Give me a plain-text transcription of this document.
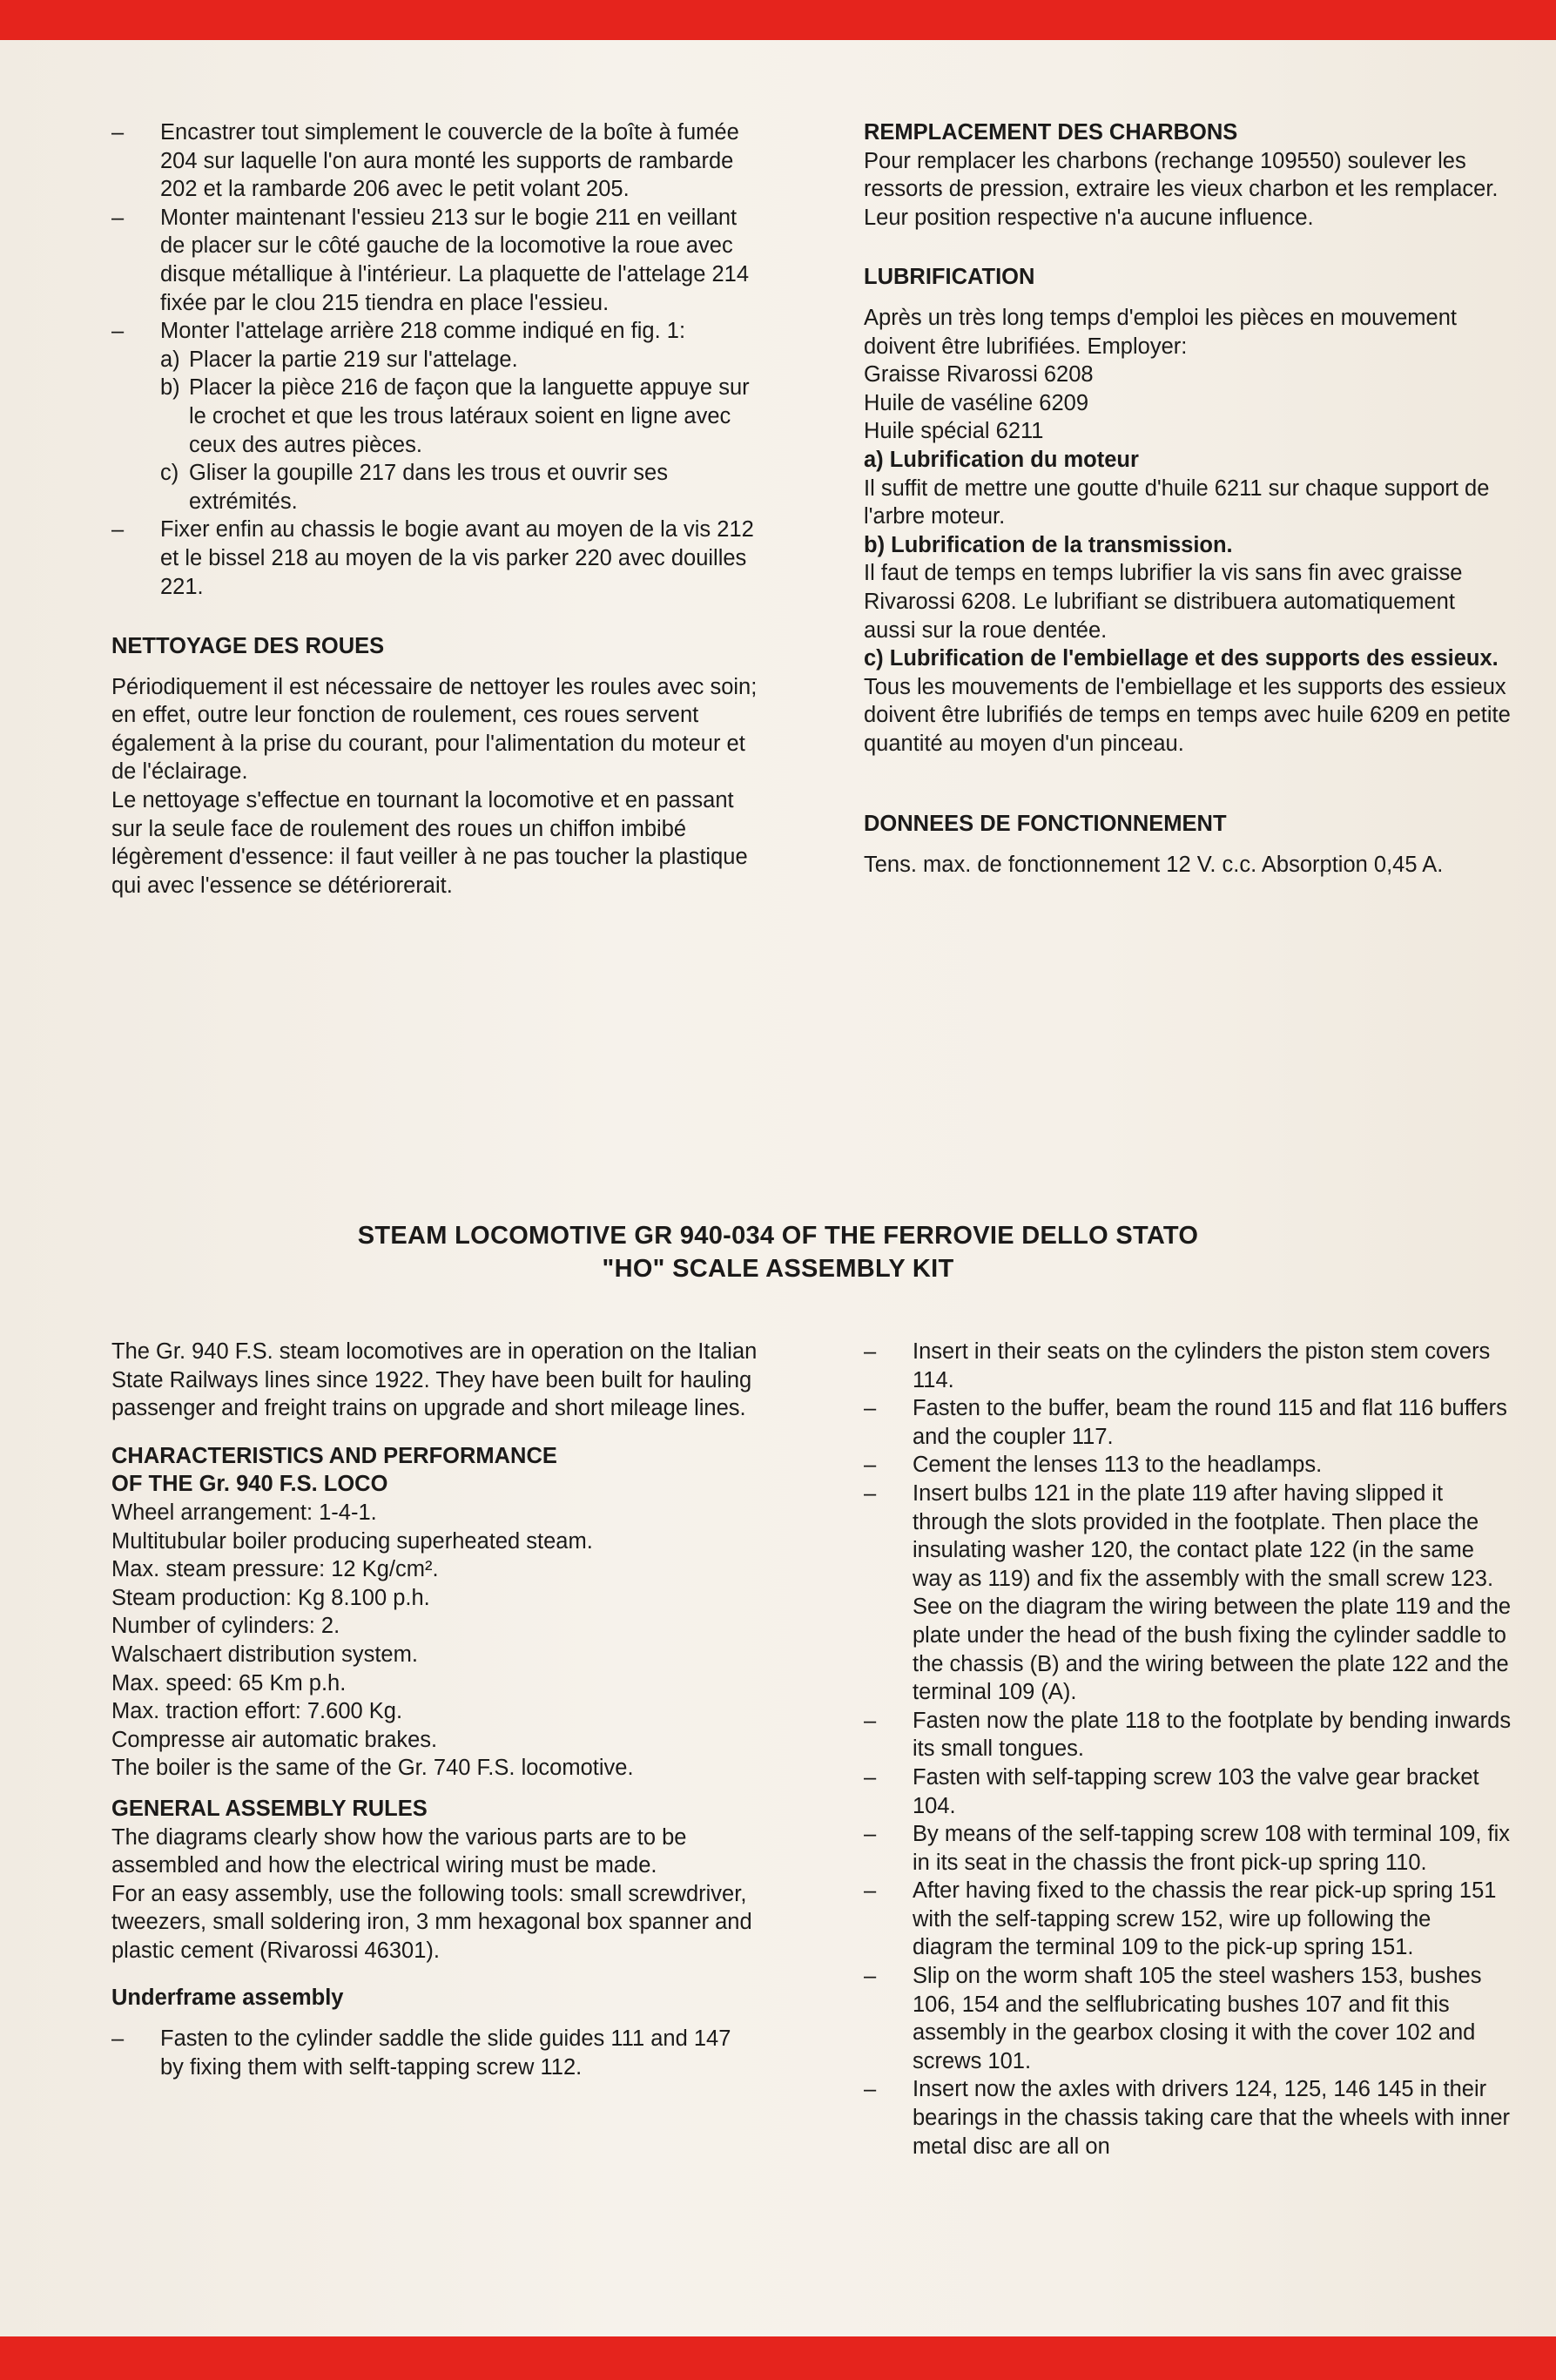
–	Encastrer tout simplement le couvercle de la boîte à fumée 204 sur laquelle l'on aura monté les supports de rambarde 202 et la rambarde 206 avec le petit volant 205.
–	Monter maintenant l'essieu 213 sur le bogie 211 en veillant de placer sur le côté gauche de la locomotive la roue avec disque métallique à l'intérieur. La plaquette de l'attelage 214 fixée par le clou 215 tiendra en place l'essieu.
–	Monter l'attelage arrière 218 comme indiqué en fig. 1:
a) Placer la partie 219 sur l'attelage.
b) Placer la pièce 216 de façon que la languette appuye sur le crochet et que les trous latéraux soient en ligne avec ceux des autres pièces.
c) Gliser la goupille 217 dans les trous et ouvrir ses extrémités.
–	Fixer enfin au chassis le bogie avant au moyen de la vis 212 et le bissel 218 au moyen de la vis parker 220 avec douilles 221.

NETTOYAGE DES ROUES

Périodiquement il est nécessaire de nettoyer les roules avec soin; en effet, outre leur fonction de roulement, ces roues servent également à la prise du courant, pour l'alimentation du moteur et de l'éclairage.

Le nettoyage s'effectue en tournant la locomotive et en passant sur la seule face de roulement des roues un chiffon imbibé légèrement d'essence: il faut veiller à ne pas toucher la plastique qui avec l'essence se détériorerait.

REMPLACEMENT DES CHARBONS

Pour remplacer les charbons (rechange 109550) soulever les ressorts de pression, extraire les vieux charbon et les remplacer. Leur position respective n'a aucune influence.

LUBRIFICATION

Après un très long temps d'emploi les pièces en mouvement doivent être lubrifiées. Employer:

Graisse Rivarossi 6208

Huile de vaséline 6209

Huile spécial 6211

a) Lubrification du moteur

Il suffit de mettre une goutte d'huile 6211 sur chaque support de l'arbre moteur.

b) Lubrification de la transmission.

Il faut de temps en temps lubrifier la vis sans fin avec graisse Rivarossi 6208. Le lubrifiant se distribuera automatiquement aussi sur la roue dentée.

c) Lubrification de l'embiellage et des supports des essieux.

Tous les mouvements de l'embiellage et les supports des essieux doivent être lubrifiés de temps en temps avec huile 6209 en petite quantité au moyen d'un pinceau.

DONNEES DE FONCTIONNEMENT

Tens. max. de fonctionnement 12 V. c.c. Absorption 0,45 A.

STEAM LOCOMOTIVE GR 940-034 OF THE FERROVIE DELLO STATO
"HO" SCALE ASSEMBLY KIT

The Gr. 940 F.S. steam locomotives are in operation on the Italian State Railways lines since 1922. They have been built for hauling passenger and freight trains on upgrade and short mileage lines.

CHARACTERISTICS AND PERFORMANCE

OF THE Gr. 940 F.S. LOCO

Wheel arrangement: 1-4-1.

Multitubular boiler producing superheated steam.

Max. steam pressure: 12 Kg/cm².

Steam production: Kg 8.100 p.h.

Number of cylinders: 2.

Walschaert distribution system.

Max. speed: 65 Km p.h.

Max. traction effort: 7.600 Kg.

Compresse air automatic brakes.

The boiler is the same of the Gr. 740 F.S. locomotive.

GENERAL ASSEMBLY RULES

The diagrams clearly show how the various parts are to be assembled and how the electrical wiring must be made.

For an easy assembly, use the following tools: small screwdriver, tweezers, small soldering iron, 3 mm hexagonal box spanner and plastic cement (Rivarossi 46301).

Underframe assembly

–	Fasten to the cylinder saddle the slide guides 111 and 147 by fixing them with selft-tapping screw 112.
–	Insert in their seats on the cylinders the piston stem covers 114.
–	Fasten to the buffer, beam the round 115 and flat 116 buffers and the coupler 117.
–	Cement the lenses 113 to the headlamps.
–	Insert bulbs 121 in the plate 119 after having slipped it through the slots provided in the footplate. Then place the insulating washer 120, the contact plate 122 (in the same way as 119) and fix the assembly with the small screw 123. See on the diagram the wiring between the plate 119 and the plate under the head of the bush fixing the cylinder saddle to the chassis (B) and the wiring between the plate 122 and the terminal 109 (A).
–	Fasten now the plate 118 to the footplate by bending inwards its small tongues.
–	Fasten with self-tapping screw 103 the valve gear bracket 104.
–	By means of the self-tapping screw 108 with terminal 109, fix in its seat in the chassis the front pick-up spring 110.
–	After having fixed to the chassis the rear pick-up spring 151 with the self-tapping screw 152, wire up following the diagram the terminal 109 to the pick-up spring 151.
–	Slip on the worm shaft 105 the steel washers 153, bushes 106, 154 and the selflubricating bushes 107 and fit this assembly in the gearbox closing it with the cover 102 and screws 101.
–	Insert now the axles with drivers 124, 125, 146 145 in their bearings in the chassis taking care that the wheels with inner metal disc are all on
